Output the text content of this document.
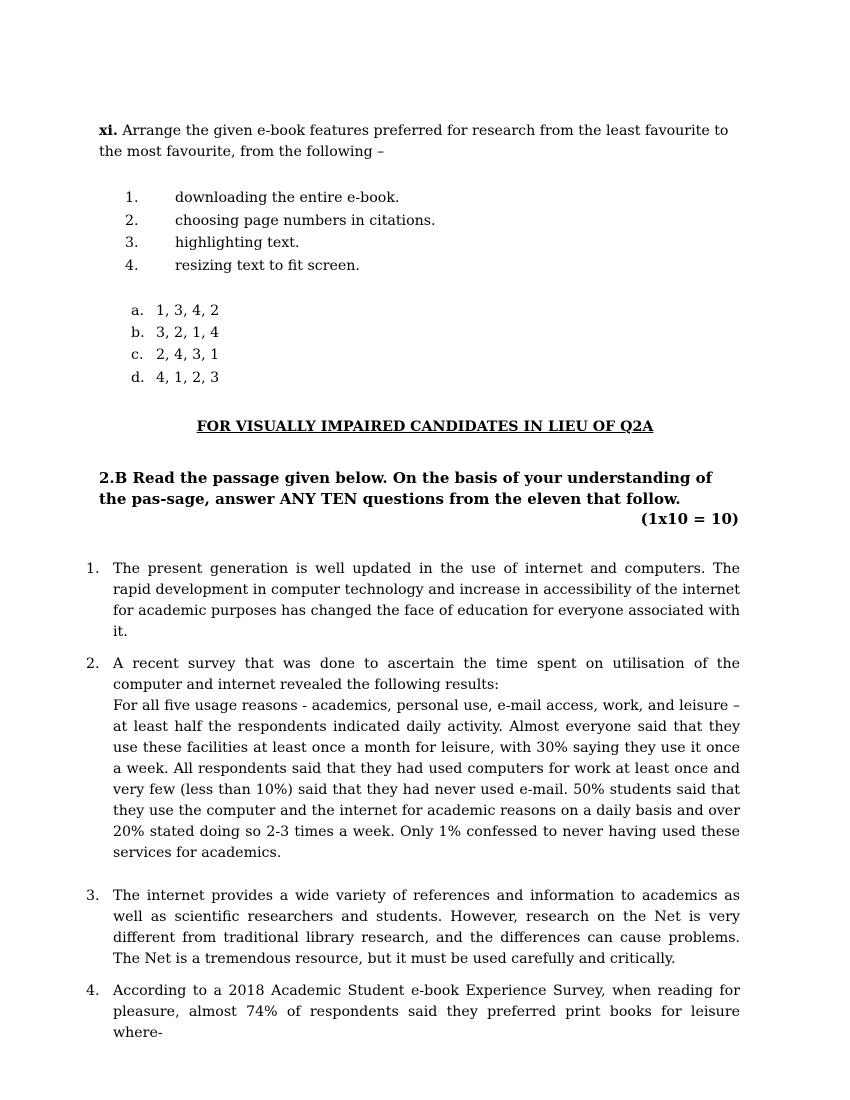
xi. Arrange the given e-book features preferred for research from the least favourite to the most favourite, from the following –
1.	downloading the entire e-book.
2.	choosing page numbers in citations.
3.	highlighting text.
4.	resizing text to fit screen.
a. 1, 3, 4, 2
b. 3, 2, 1, 4
c. 2, 4, 3, 1
d. 4, 1, 2, 3
FOR VISUALLY IMPAIRED CANDIDATES IN LIEU OF Q2A
2.B Read the passage given below. On the basis of your understanding of the pas-sage, answer ANY TEN questions from the eleven that follow.
(1x10 = 10)
1. The present generation is well updated in the use of internet and computers. The rapid development in computer technology and increase in accessibility of the internet for academic purposes has changed the face of education for everyone associated with it.
2. A recent survey that was done to ascertain the time spent on utilisation of the computer and internet revealed the following results:
For all five usage reasons - academics, personal use, e-mail access, work, and leisure – at least half the respondents indicated daily activity. Almost everyone said that they use these facilities at least once a month for leisure, with 30% saying they use it once a week. All respondents said that they had used computers for work at least once and very few (less than 10%) said that they had never used e-mail. 50% students said that they use the computer and the internet for academic reasons on a daily basis and over 20% stated doing so 2-3 times a week. Only 1% confessed to never having used these services for academics.
3. The internet provides a wide variety of references and information to academics as well as scientific researchers and students. However, research on the Net is very different from traditional library research, and the differences can cause problems. The Net is a tremendous resource, but it must be used carefully and critically.
4. According to a 2018 Academic Student e-book Experience Survey, when reading for pleasure, almost 74% of respondents said they preferred print books for leisure where-
